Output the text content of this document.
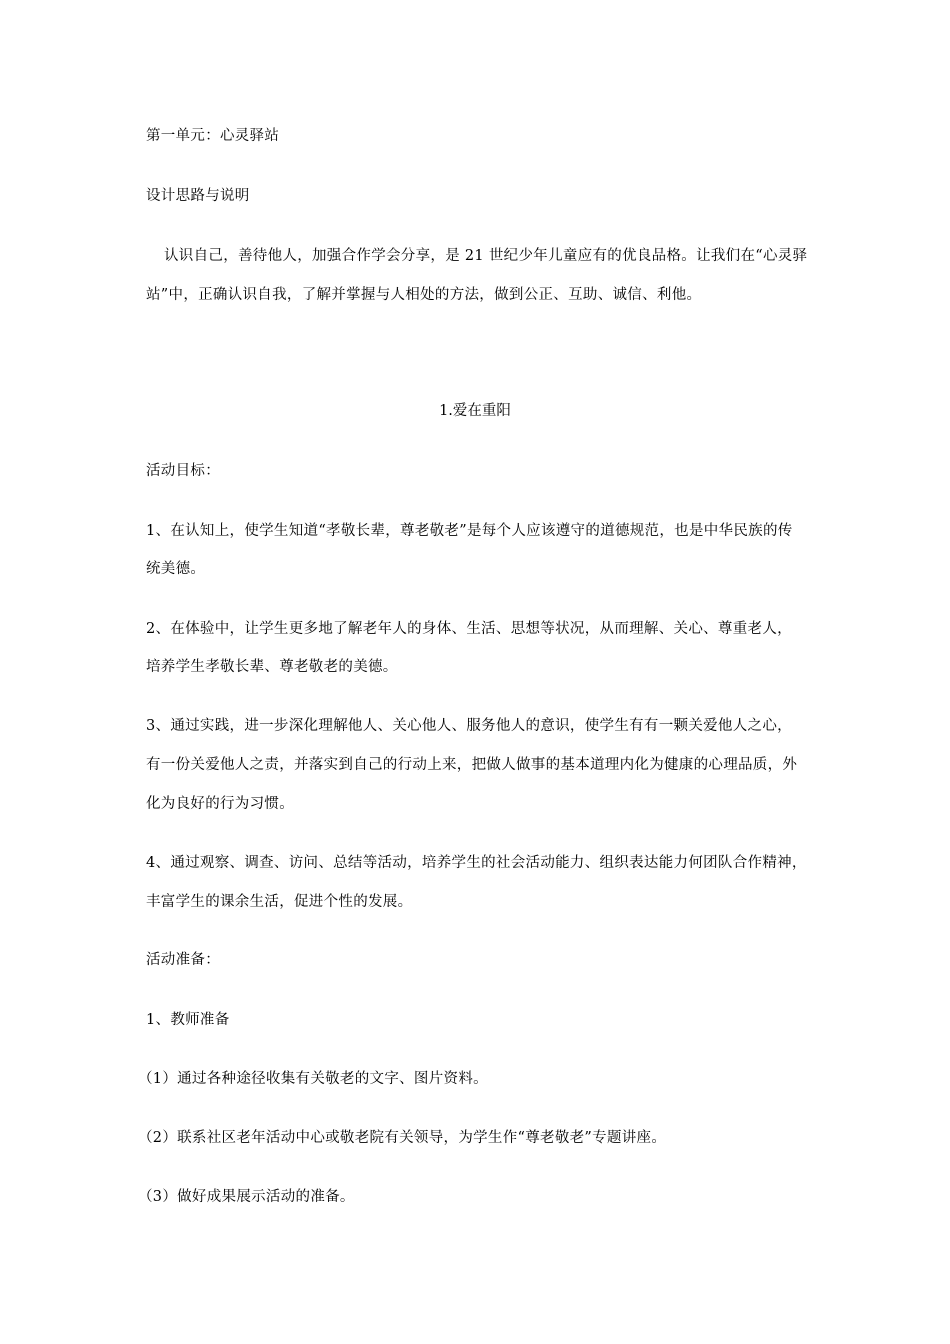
第一单元：心灵驿站
设计思路与说明
认识自己，善待他人，加强合作学会分享，是 21 世纪少年儿童应有的优良品格。让我们在“心灵驿
站”中，正确认识自我，了解并掌握与人相处的方法，做到公正、互助、诚信、利他。
1.爱在重阳
活动目标：
1、在认知上，使学生知道“孝敬长辈，尊老敬老”是每个人应该遵守的道德规范，也是中华民族的传
统美德。
2、在体验中，让学生更多地了解老年人的身体、生活、思想等状况，从而理解、关心、尊重老人，
培养学生孝敬长辈、尊老敬老的美德。
3、通过实践，进一步深化理解他人、关心他人、服务他人的意识，使学生有有一颗关爱他人之心，
有一份关爱他人之责，并落实到自己的行动上来，把做人做事的基本道理内化为健康的心理品质，外
化为良好的行为习惯。
4、通过观察、调查、访问、总结等活动，培养学生的社会活动能力、组织表达能力何团队合作精神，
丰富学生的课余生活，促进个性的发展。
活动准备：
1、教师准备
（1）通过各种途径收集有关敬老的文字、图片资料。
（2）联系社区老年活动中心或敬老院有关领导，为学生作“尊老敬老”专题讲座。
（3）做好成果展示活动的准备。
